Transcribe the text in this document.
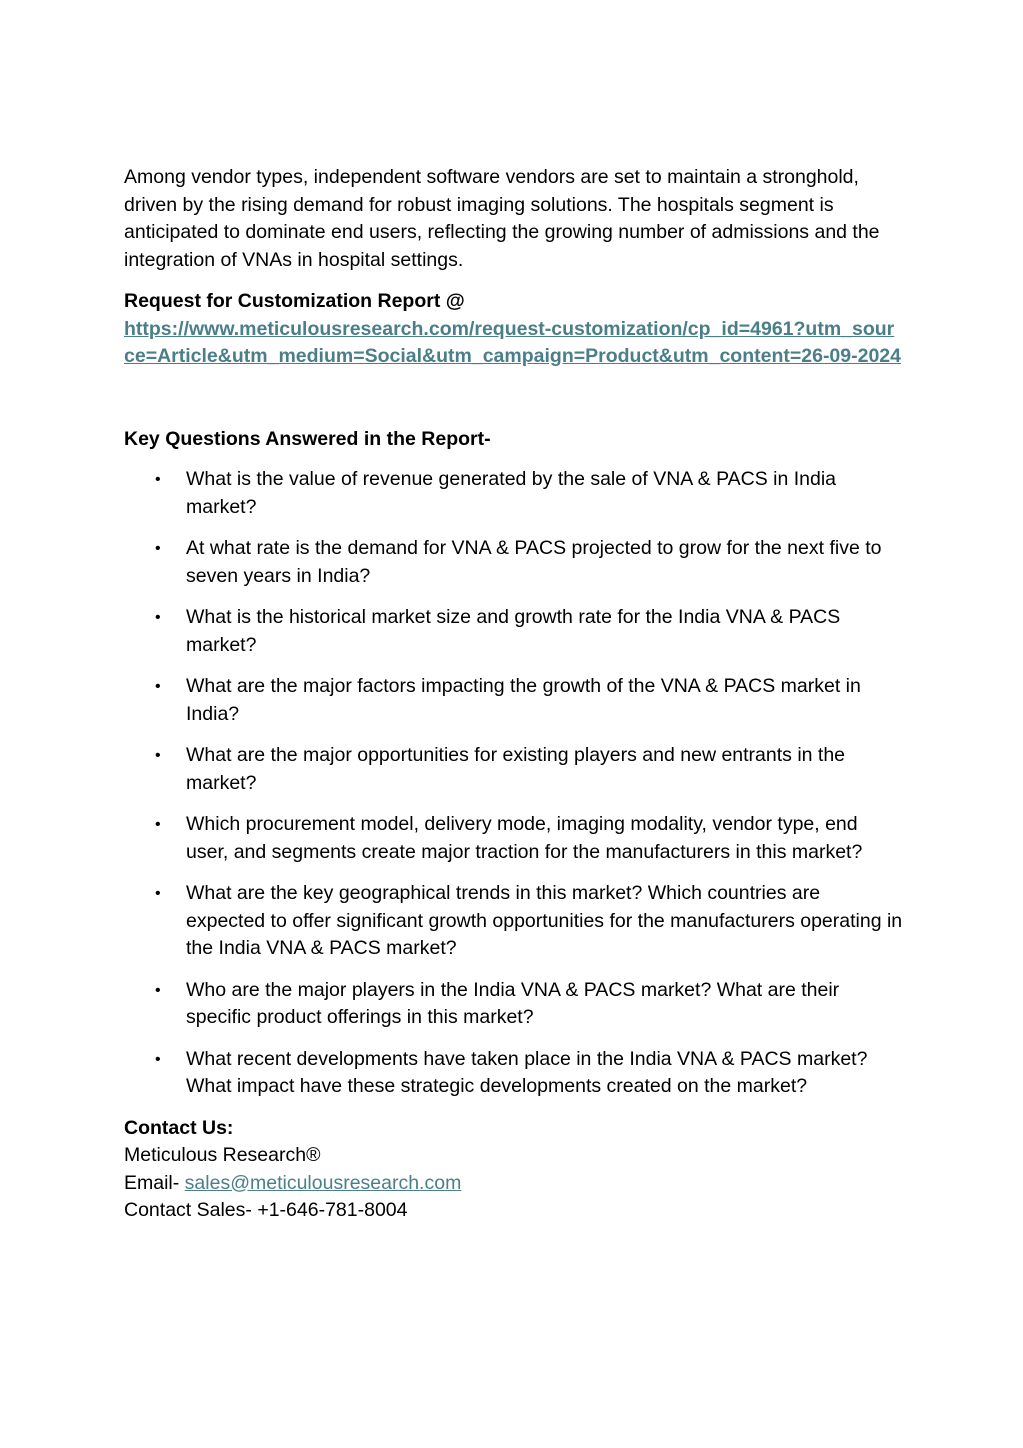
Among vendor types, independent software vendors are set to maintain a stronghold, driven by the rising demand for robust imaging solutions. The hospitals segment is anticipated to dominate end users, reflecting the growing number of admissions and the integration of VNAs in hospital settings.

Request for Customization Report @

https://www.meticulousresearch.com/request-customization/cp_id=4961?utm_source=Article&utm_medium=Social&utm_campaign=Product&utm_content=26-09-2024

Key Questions Answered in the Report-

• What is the value of revenue generated by the sale of VNA & PACS in India market?
• At what rate is the demand for VNA & PACS projected to grow for the next five to seven years in India?
• What is the historical market size and growth rate for the India VNA & PACS market?
• What are the major factors impacting the growth of the VNA & PACS market in India?
• What are the major opportunities for existing players and new entrants in the market?
• Which procurement model, delivery mode, imaging modality, vendor type, end user, and segments create major traction for the manufacturers in this market?
• What are the key geographical trends in this market? Which countries are expected to offer significant growth opportunities for the manufacturers operating in the India VNA & PACS market?
• Who are the major players in the India VNA & PACS market? What are their specific product offerings in this market?
• What recent developments have taken place in the India VNA & PACS market? What impact have these strategic developments created on the market?

Contact Us:

Meticulous Research®

Email- sales@meticulousresearch.com

Contact Sales- +1-646-781-8004
